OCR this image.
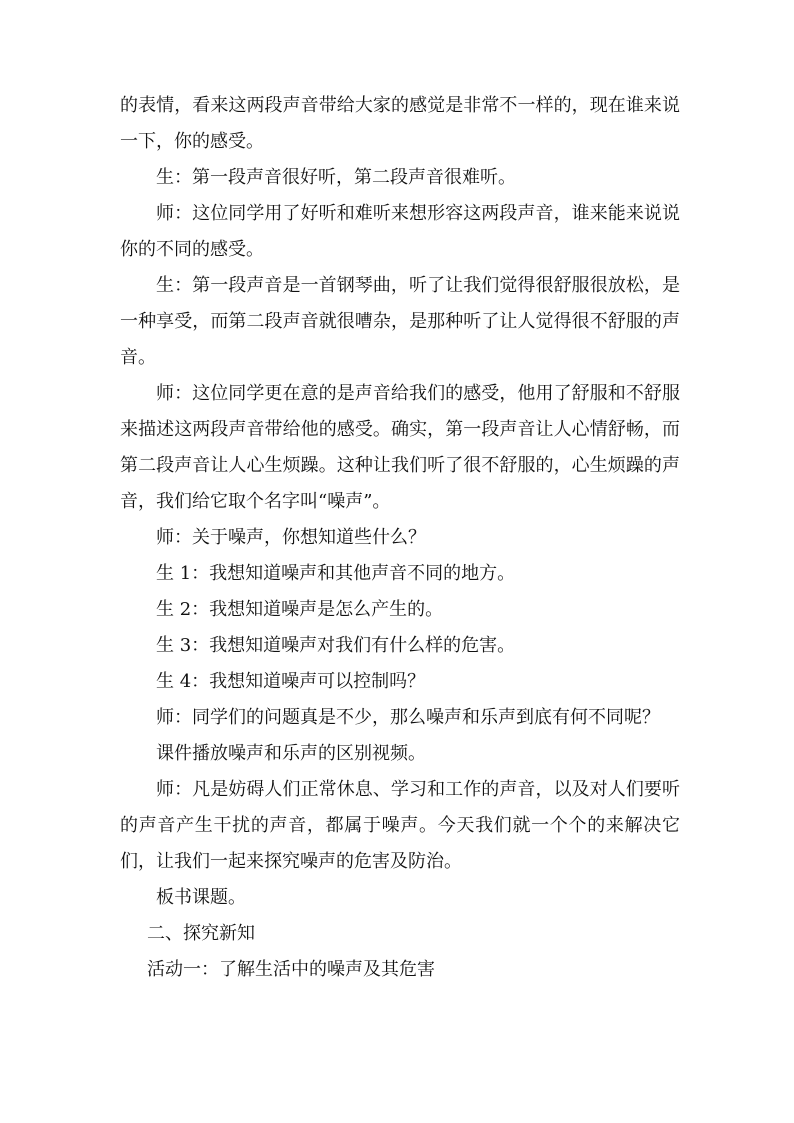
的表情，看来这两段声音带给大家的感觉是非常不一样的，现在谁来说一下，你的感受。

生：第一段声音很好听，第二段声音很难听。

师：这位同学用了好听和难听来想形容这两段声音，谁来能来说说你的不同的感受。

生：第一段声音是一首钢琴曲，听了让我们觉得很舒服很放松，是一种享受，而第二段声音就很嘈杂，是那种听了让人觉得很不舒服的声音。

师：这位同学更在意的是声音给我们的感受，他用了舒服和不舒服来描述这两段声音带给他的感受。确实，第一段声音让人心情舒畅，而第二段声音让人心生烦躁。这种让我们听了很不舒服的，心生烦躁的声音，我们给它取个名字叫“噪声”。

师：关于噪声，你想知道些什么？

生 1：我想知道噪声和其他声音不同的地方。

生 2：我想知道噪声是怎么产生的。

生 3：我想知道噪声对我们有什么样的危害。

生 4：我想知道噪声可以控制吗？

师：同学们的问题真是不少，那么噪声和乐声到底有何不同呢？

课件播放噪声和乐声的区别视频。

师：凡是妨碍人们正常休息、学习和工作的声音，以及对人们要听的声音产生干扰的声音，都属于噪声。今天我们就一个个的来解决它们，让我们一起来探究噪声的危害及防治。

板书课题。

二、探究新知

活动一：了解生活中的噪声及其危害
